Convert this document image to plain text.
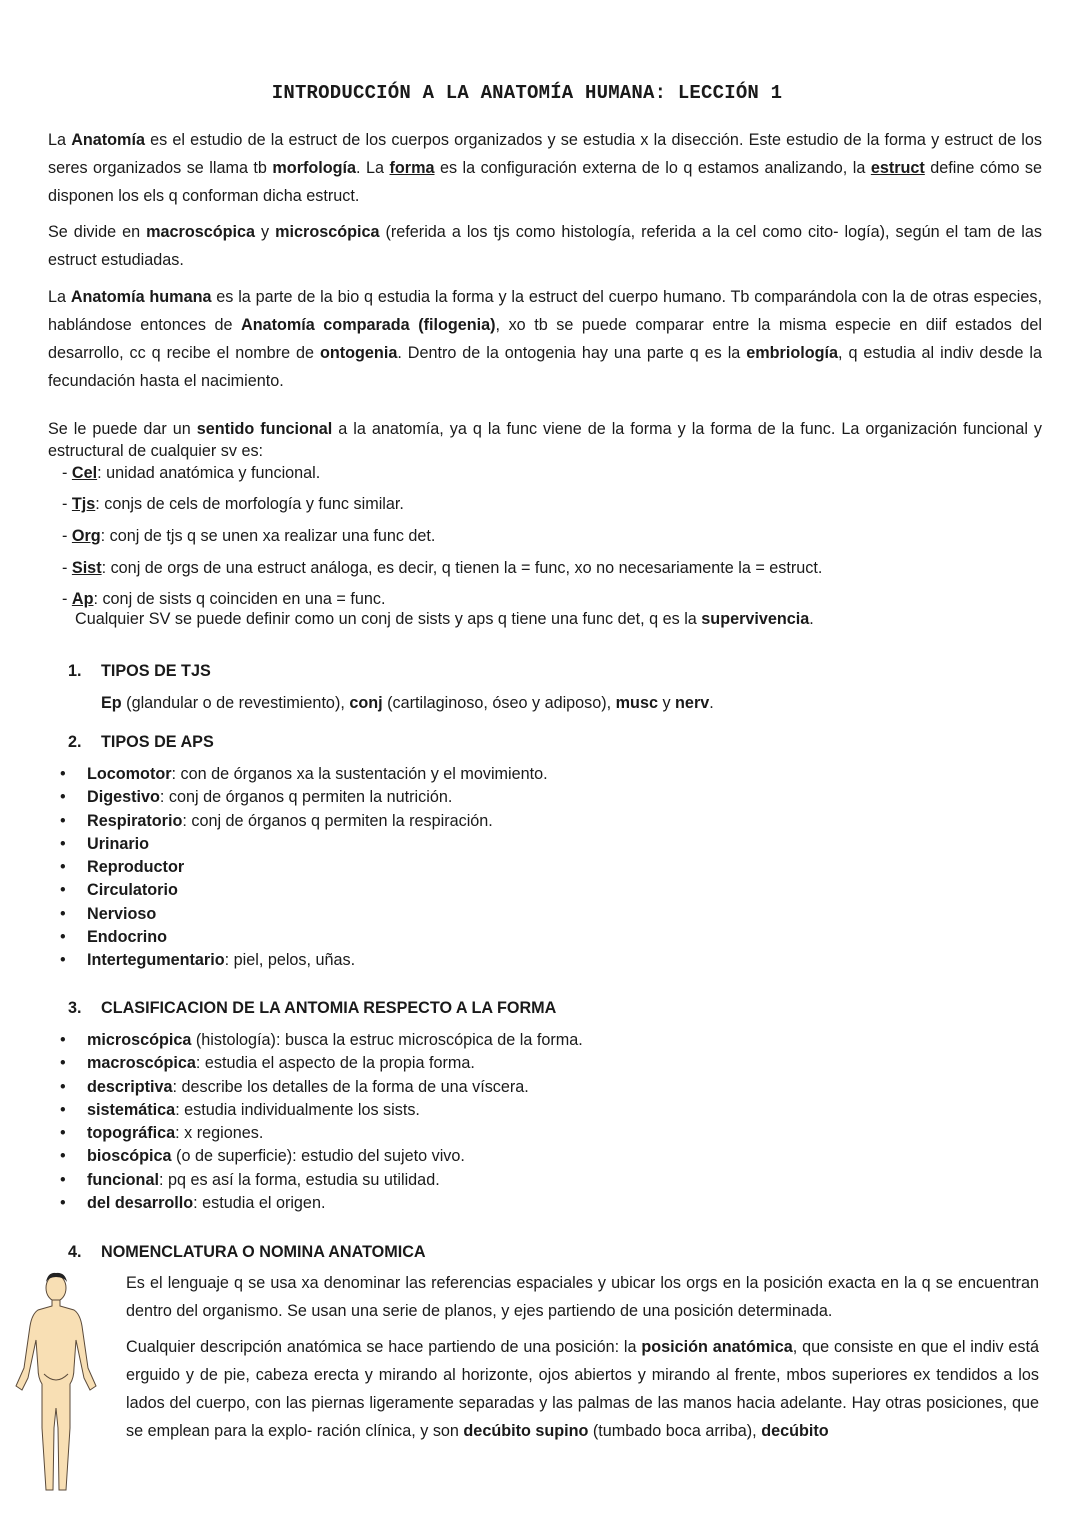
INTRODUCCIÓN A LA ANATOMÍA HUMANA: LECCIÓN 1
La Anatomía es el estudio de la estruct de los cuerpos organizados y se estudia x la disección. Este estudio de la forma y estruct de los seres organizados se llama tb morfología. La forma es la configuración externa de lo q estamos analizando, la estruct define cómo se disponen los els q conforman dicha estruct.
Se divide en macroscópica y microscópica (referida a los tjs como histología, referida a la cel como cito- logía), según el tam de las estruct estudiadas.
La Anatomía humana es la parte de la bio q estudia la forma y la estruct del cuerpo humano. Tb comparándola con la de otras especies, hablándose entonces de Anatomía comparada (filogenia), xo tb se puede comparar entre la misma especie en diif estados del desarrollo, cc q recibe el nombre de ontogenia. Dentro de la ontogenia hay una parte q es la embriología, q estudia al indiv desde la fecundación hasta el nacimiento.
Se le puede dar un sentido funcional a la anatomía, ya q la func viene de la forma y la forma de la func. La organización funcional y estructural de cualquier sv es:
- Cel: unidad anatómica y funcional.
- Tjs: conjs de cels de morfología y func similar.
- Org: conj de tjs q se unen xa realizar una func det.
- Sist: conj de orgs de una estruct análoga, es decir, q tienen la = func, xo no necesariamente la = estruct.
- Ap: conj de sists q coinciden en una = func.
Cualquier SV se puede definir como un conj de sists y aps q tiene una func det, q es la supervivencia.
1. TIPOS DE TJS
Ep (glandular o de revestimiento), conj (cartilaginoso, óseo y adiposo), musc y nerv.
2. TIPOS DE APS
• Locomotor: con de órganos xa la sustentación y el movimiento.
• Digestivo: conj de órganos q permiten la nutrición.
• Respiratorio: conj de órganos q permiten la respiración.
• Urinario
• Reproductor
• Circulatorio
• Nervioso
• Endocrino
• Intertegumentario: piel, pelos, uñas.
3. CLASIFICACION DE LA ANTOMIA RESPECTO A LA FORMA
• microscópica (histología): busca la estruc microscópica de la forma.
• macroscópica: estudia el aspecto de la propia forma.
• descriptiva: describe los detalles de la forma de una víscera.
• sistemática: estudia individualmente los sists.
• topográfica: x regiones.
• bioscópica (o de superficie): estudio del sujeto vivo.
• funcional: pq es así la forma, estudia su utilidad.
• del desarrollo: estudia el origen.
4. NOMENCLATURA O NOMINA ANATOMICA
Es el lenguaje q se usa xa denominar las referencias espaciales y ubicar los orgs en la posición exacta en la q se encuentran dentro del organismo. Se usan una serie de planos, y ejes partiendo de una posición determinada.
Cualquier descripción anatómica se hace partiendo de una posición: la posición anatómica, que consiste en que el indiv está erguido y de pie, cabeza erecta y mirando al horizonte, ojos abiertos y mirando al frente, mbos superiores ex tendidos a los lados del cuerpo, con las piernas ligeramente separadas y las palmas de las manos hacia adelante. Hay otras posiciones, que se emplean para la explo- ración clínica, y son decúbito supino (tumbado boca arriba), decúbito
